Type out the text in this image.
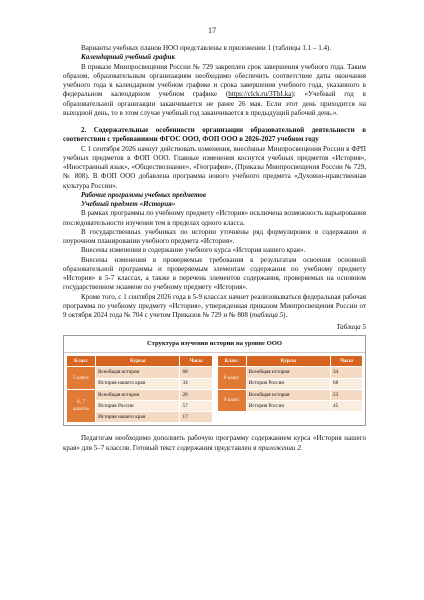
17

Варианты учебных планов НОО представлены в приложении 1 (таблицы 1.1 – 1.4).

Календарный учебный график

В приказе Минпросвещения России № 729 закреплен срок завершения учебного года. Таким образом, образовательным организациям необходимо обеспечить соответствие даты окончания учебного года в календарном учебном графике и срока завершения учебного года, указанного в федеральном календарном учебном графике (https://clck.ru/3TbLka): «Учебный год в образовательной организации заканчивается не ранее 26 мая. Если этот день приходится на выходной день, то в этом случае учебный год заканчивается в предыдущий рабочий день.».

2. Содержательные особенности организации образовательной деятельности в соответствии с требованиями ФГОС ООО, ФОП ООО в 2026-2027 учебном году

С 1 сентября 2026 начнут действовать изменения, внесённые Минпросвещения России в ФРП учебных предметов в ФОП ООО. Главные изменения коснутся учебных предметов «История», «Иностранный язык», «Обществознание», «География», (Приказы Минпросвещения России № 729, № 808). В ФОП ООО добавлена программа нового учебного предмета «Духовно-нравственная культура России».

Рабочие программы учебных предметов

Учебный предмет «История»

В рамках программы по учебному предмету «История» исключена возможность варьирования последовательности изучения тем в пределах одного класса.

В государственных учебниках по истории уточнены ряд формулировок в содержании и поурочном планировании учебного предмета «История».

Внесены изменения в содержание учебного курса «История нашего края».

Внесены изменения в проверяемые требования к результатам освоения основной образовательной программы и проверяемым элементам содержания по учебному предмету «История» в 5-7 классах, а также в перечень элементов содержания, проверяемых на основном государственном экзамене по учебному предмету «История».

Кроме того, с 1 сентября 2026 года в 5-9 классах начнет реализовываться федеральная рабочая программа по учебному предмету «История», утвержденная приказом Минпросвещения России от 9 октября 2024 года № 704 с учетом Приказов № 729 и № 808 (таблица 5).

Таблица 5

Структура изучения истории на уровне ООО
Класс	Курсы	Часы
5 класс	Всеобщая история	68
	История нашего края	34
6, 7 классы	Всеобщая история	28
	История России	57
	История нашего края	17
Класс	Курсы	Часы
8 класс	Всеобщая история	34
	История России	68
9 класс	Всеобщая история	23
	История России	45

Педагогам необходимо дополнить рабочую программу содержанием курса «История нашего края» для 5–7 классов. Готовый текст содержания представлен в приложении 2.
